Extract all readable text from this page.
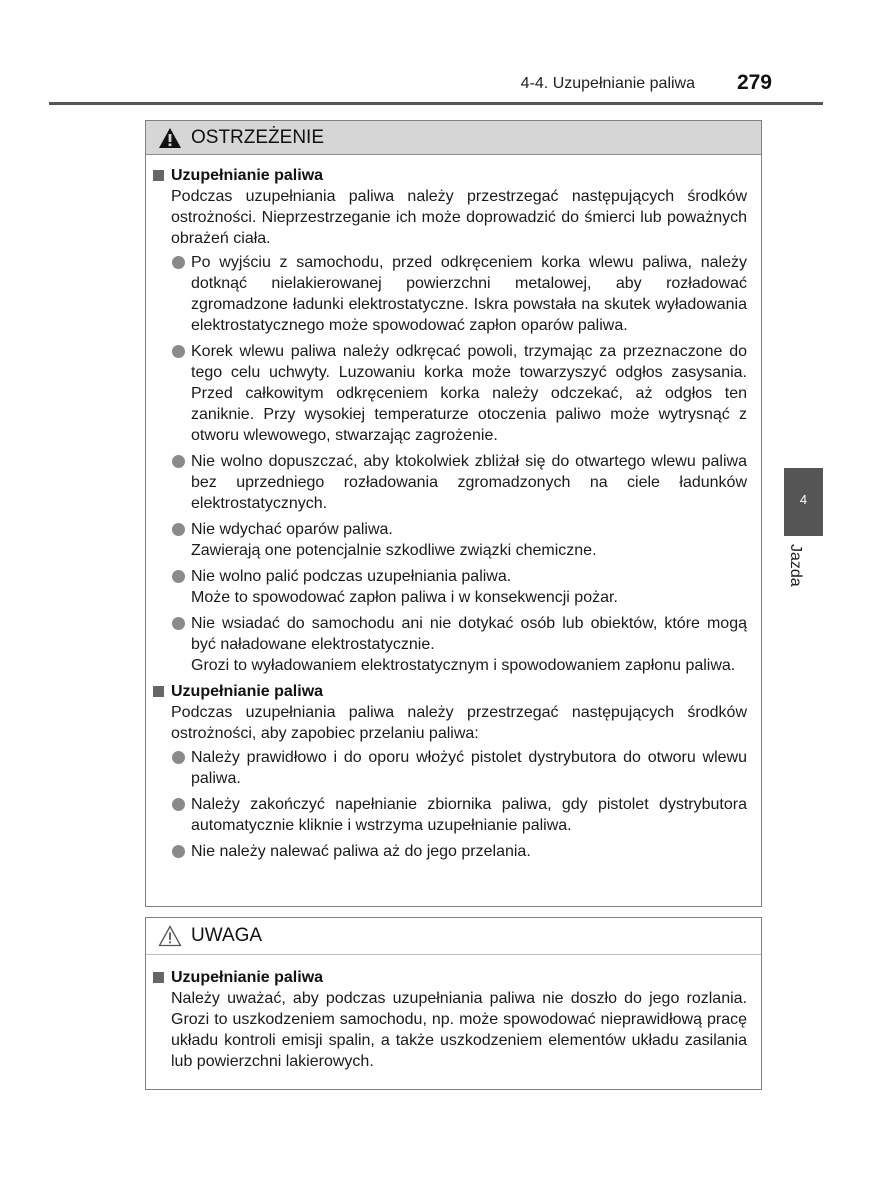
4-4. Uzupełnianie paliwa	279
4
Jazda
OSTRZEŻENIE
Uzupełnianie paliwa

Podczas uzupełniania paliwa należy przestrzegać następujących środków ostrożności. Nieprzestrzeganie ich może doprowadzić do śmierci lub poważnych obrażeń ciała.

Po wyjściu z samochodu, przed odkręceniem korka wlewu paliwa, należy dotknąć nielakierowanej powierzchni metalowej, aby rozładować zgromadzone ładunki elektrostatyczne. Iskra powstała na skutek wyładowania elektrostatycznego może spowodować zapłon oparów paliwa.
Korek wlewu paliwa należy odkręcać powoli, trzymając za przeznaczone do tego celu uchwyty. Luzowaniu korka może towarzyszyć odgłos zasysania. Przed całkowitym odkręceniem korka należy odczekać, aż odgłos ten zaniknie. Przy wysokiej temperaturze otoczenia paliwo może wytrysnąć z otworu wlewowego, stwarzając zagrożenie.
Nie wolno dopuszczać, aby ktokolwiek zbliżał się do otwartego wlewu paliwa bez uprzedniego rozładowania zgromadzonych na ciele ładunków elektrostatycznych.
Nie wdychać oparów paliwa.
Zawierają one potencjalnie szkodliwe związki chemiczne.
Nie wolno palić podczas uzupełniania paliwa.
Może to spowodować zapłon paliwa i w konsekwencji pożar.
Nie wsiadać do samochodu ani nie dotykać osób lub obiektów, które mogą być naładowane elektrostatycznie.
Grozi to wyładowaniem elektrostatycznym i spowodowaniem zapłonu paliwa.
Uzupełnianie paliwa

Podczas uzupełniania paliwa należy przestrzegać następujących środków ostrożności, aby zapobiec przelaniu paliwa:

Należy prawidłowo i do oporu włożyć pistolet dystrybutora do otworu wlewu paliwa.
Należy zakończyć napełnianie zbiornika paliwa, gdy pistolet dystrybutora automatycznie kliknie i wstrzyma uzupełnianie paliwa.
Nie należy nalewać paliwa aż do jego przelania.
UWAGA
Uzupełnianie paliwa

Należy uważać, aby podczas uzupełniania paliwa nie doszło do jego rozlania. Grozi to uszkodzeniem samochodu, np. może spowodować nieprawidłową pracę układu kontroli emisji spalin, a także uszkodzeniem elementów układu zasilania lub powierzchni lakierowych.
